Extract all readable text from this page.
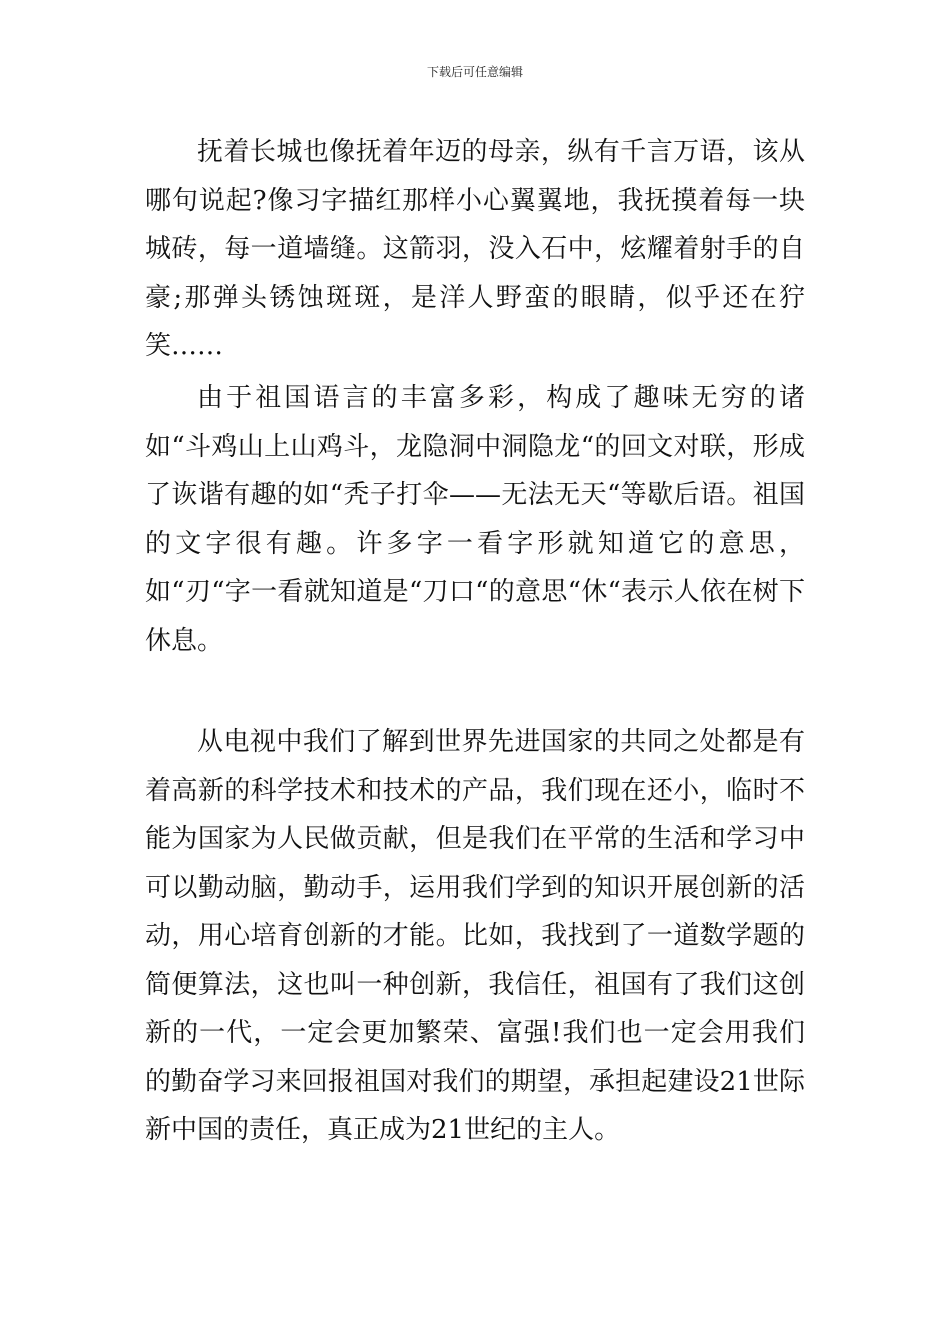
下载后可任意编辑

抚着长城也像抚着年迈的母亲，纵有千言万语，该从哪句说起?像习字描红那样小心翼翼地，我抚摸着每一块城砖，每一道墙缝。这箭羽，没入石中，炫耀着射手的自豪;那弹头锈蚀斑斑，是洋人野蛮的眼睛，似乎还在狞笑……

由于祖国语言的丰富多彩，构成了趣味无穷的诸如“斗鸡山上山鸡斗，龙隐洞中洞隐龙“的回文对联，形成了诙谐有趣的如“秃子打伞——无法无天“等歇后语。祖国的文字很有趣。许多字一看字形就知道它的意思，如“刃“字一看就知道是“刀口“的意思“休“表示人依在树下休息。

从电视中我们了解到世界先进国家的共同之处都是有着高新的科学技术和技术的产品，我们现在还小，临时不能为国家为人民做贡献，但是我们在平常的生活和学习中可以勤动脑，勤动手，运用我们学到的知识开展创新的活动，用心培育创新的才能。比如，我找到了一道数学题的简便算法，这也叫一种创新，我信任，祖国有了我们这创新的一代，一定会更加繁荣、富强!我们也一定会用我们的勤奋学习来回报祖国对我们的期望，承担起建设21世际新中国的责任，真正成为21世纪的主人。
